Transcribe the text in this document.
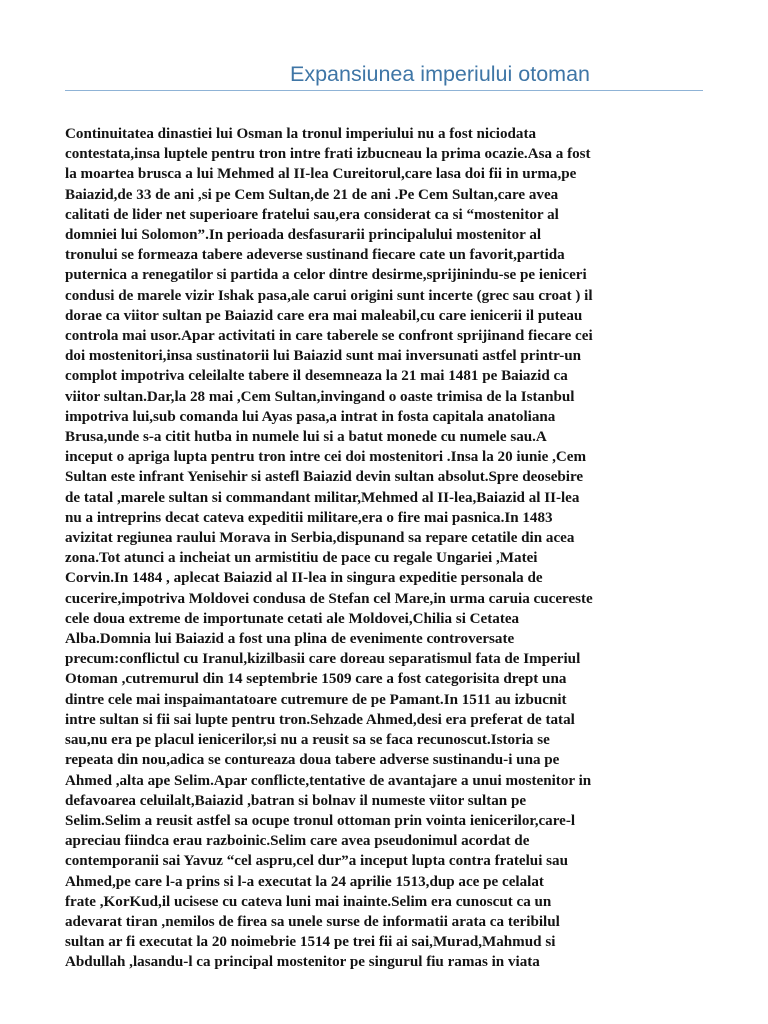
Expansiunea imperiului otoman
Continuitatea dinastiei lui Osman la tronul imperiului nu a fost niciodata
contestata,insa luptele pentru tron intre frati izbucneau la prima ocazie.Asa a fost
la moartea brusca a lui Mehmed al II-lea Cureitorul,care lasa doi fii in urma,pe
Baiazid,de 33 de ani ,si pe Cem Sultan,de 21 de ani .Pe Cem Sultan,care avea
calitati de lider net superioare fratelui sau,era considerat ca si “mostenitor al
domniei lui Solomon”.In perioada desfasurarii principalului mostenitor al
tronului se formeaza tabere adeverse sustinand fiecare cate un favorit,partida
puternica a renegatilor si partida a celor dintre desirme,sprijinindu-se pe ieniceri
condusi de marele vizir Ishak pasa,ale carui origini sunt incerte (grec sau croat ) il
dorae ca viitor sultan pe Baiazid care era mai maleabil,cu care ienicerii il puteau
controla mai usor.Apar activitati in care taberele se confront sprijinand fiecare cei
doi mostenitori,insa sustinatorii lui Baiazid sunt mai inversunati astfel printr-un
complot impotriva celeilalte tabere il desemneaza la 21 mai 1481 pe Baiazid ca
viitor sultan.Dar,la 28 mai ,Cem Sultan,invingand o oaste trimisa de la Istanbul
impotriva lui,sub comanda lui Ayas pasa,a intrat in fosta capitala anatoliana
Brusa,unde s-a citit hutba in numele lui si a batut monede cu numele sau.A
inceput o apriga lupta pentru tron intre cei doi mostenitori .Insa la 20 iunie ,Cem
Sultan este infrant Yenisehir si astefl Baiazid devin sultan absolut.Spre deosebire
de tatal ,marele sultan si commandant militar,Mehmed al II-lea,Baiazid al II-lea
nu a intreprins decat cateva expeditii militare,era o fire mai pasnica.In 1483
avizitat regiunea raului Morava in Serbia,dispunand sa repare cetatile din acea
zona.Tot atunci a incheiat un armistitiu de pace cu regale Ungariei ,Matei
Corvin.In 1484 , aplecat Baiazid al II-lea in singura expeditie personala de
cucerire,impotriva Moldovei condusa de Stefan cel Mare,in urma caruia cucereste
cele doua extreme de importunate cetati ale Moldovei,Chilia si Cetatea
Alba.Domnia lui Baiazid a fost una plina de evenimente controversate
precum:conflictul cu Iranul,kizilbasii care doreau separatismul fata de Imperiul
Otoman ,cutremurul din 14 septembrie 1509 care a fost categorisita drept una
dintre cele mai inspaimantatoare cutremure de pe Pamant.In 1511 au izbucnit
intre sultan si fii sai lupte pentru tron.Sehzade Ahmed,desi era preferat de tatal
sau,nu era pe placul ienicerilor,si nu a reusit sa se faca recunoscut.Istoria se
repeata din nou,adica se contureaza doua tabere adverse sustinandu-i una pe
Ahmed ,alta ape Selim.Apar conflicte,tentative de avantajare a unui mostenitor in
defavoarea celuilalt,Baiazid ,batran si bolnav il numeste viitor sultan pe
Selim.Selim a reusit astfel sa ocupe tronul ottoman prin vointa ienicerilor,care-l
apreciau fiindca erau razboinic.Selim care avea pseudonimul acordat de
contemporanii sai Yavuz “cel aspru,cel dur”a inceput lupta contra fratelui sau
Ahmed,pe care l-a prins si l-a executat la 24 aprilie 1513,dup ace pe celalat
frate ,KorKud,il ucisese cu cateva luni mai inainte.Selim era cunoscut ca un
adevarat tiran ,nemilos de firea sa unele surse de informatii arata ca teribilul
sultan ar fi executat la 20 noimebrie 1514 pe trei fii ai sai,Murad,Mahmud si
Abdullah ,lasandu-l ca principal mostenitor pe singurul fiu ramas in viata
